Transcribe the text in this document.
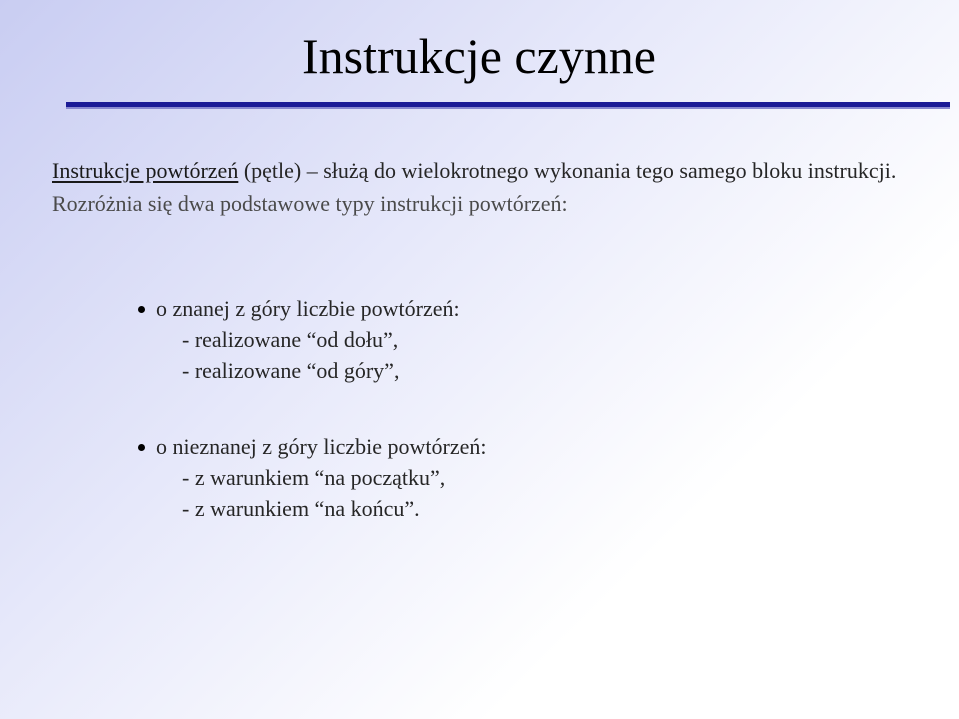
Instrukcje czynne
Instrukcje powtórzeń (pętle) – służą do wielokrotnego wykonania tego samego bloku instrukcji. Rozróżnia się dwa podstawowe typy instrukcji powtórzeń:
o znanej z góry liczbie powtórzeń:
- realizowane “od dołu”,
- realizowane “od góry”,
o nieznanej z góry liczbie powtórzeń:
- z warunkiem “na początku”,
- z warunkiem “na końcu”.
